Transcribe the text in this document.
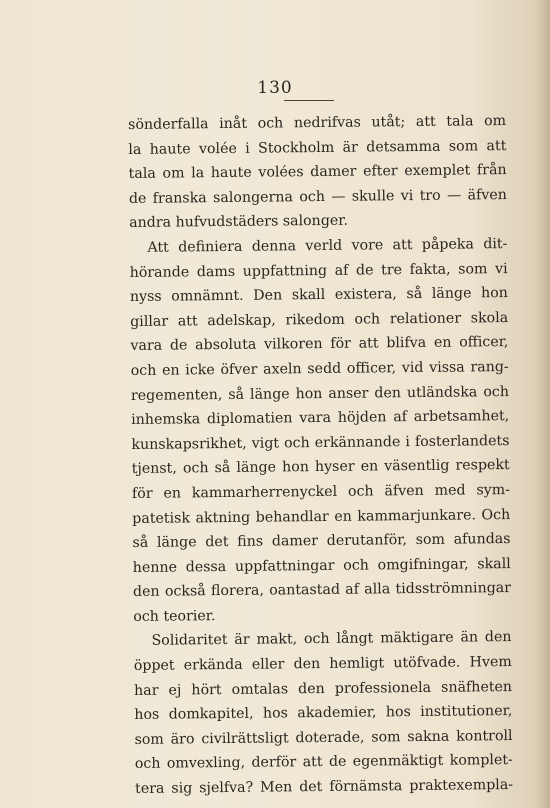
130
sönderfalla inåt och nedrifvas utåt; att tala om
la haute volée i Stockholm är detsamma som att
tala om la haute volées damer efter exemplet från
de franska salongerna och — skulle vi tro — äfven
andra hufvudstäders salonger.
Att definiera denna verld vore att påpeka dit-
hörande dams uppfattning af de tre fakta, som vi
nyss omnämnt. Den skall existera, så länge hon
gillar att adelskap, rikedom och relationer skola
vara de absoluta vilkoren för att blifva en officer,
och en icke öfver axeln sedd officer, vid vissa rang-
regementen, så länge hon anser den utländska och
inhemska diplomatien vara höjden af arbetsamhet,
kunskapsrikhet, vigt och erkännande i fosterlandets
tjenst, och så länge hon hyser en väsentlig respekt
för en kammarherrenyckel och äfven med sym-
patetisk aktning behandlar en kammarjunkare. Och
så länge det fins damer derutanför, som afundas
henne dessa uppfattningar och omgifningar, skall
den också florera, oantastad af alla tidsströmningar
och teorier.
Solidaritet är makt, och långt mäktigare än den
öppet erkända eller den hemligt utöfvade. Hvem
har ej hört omtalas den professionela snäfheten
hos domkapitel, hos akademier, hos institutioner,
som äro civilrättsligt doterade, som sakna kontroll
och omvexling, derför att de egenmäktigt komplet-
tera sig sjelfva? Men det förnämsta praktexempla-
